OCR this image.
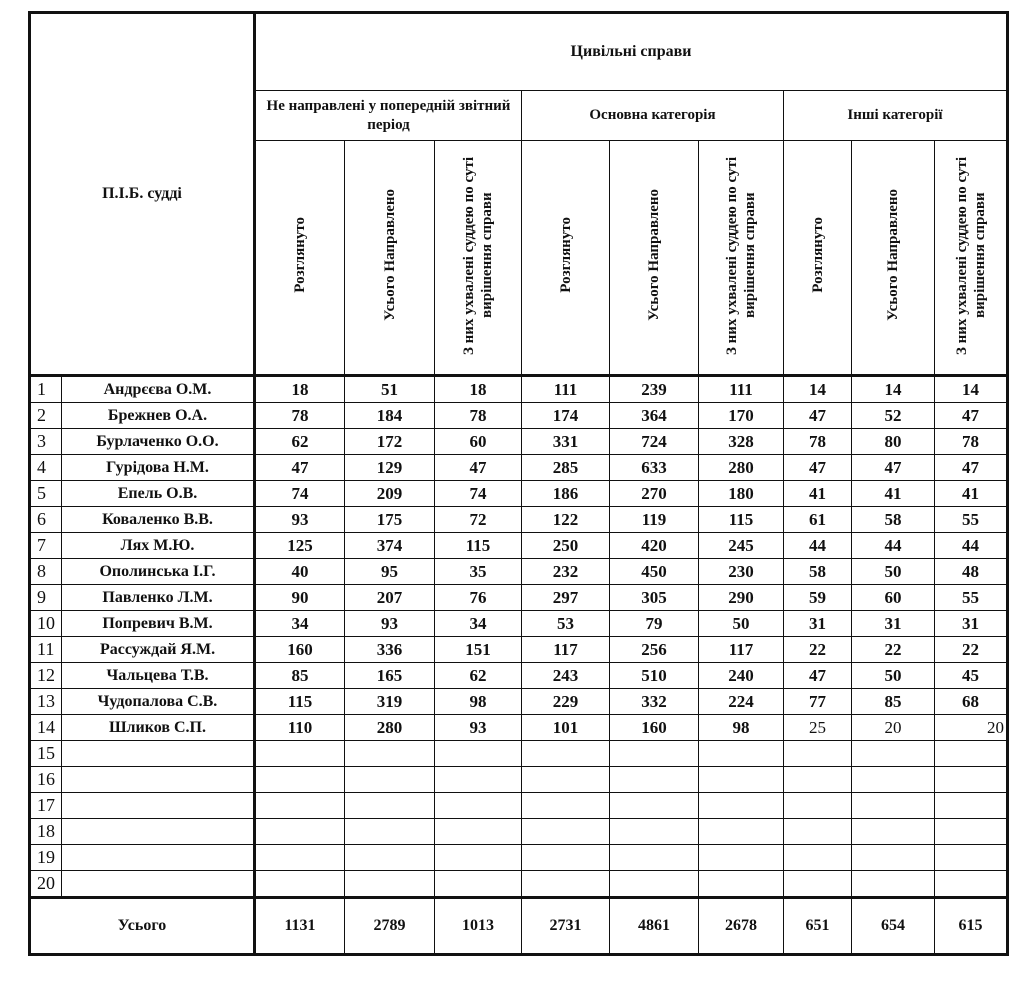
П.І.Б. судді		Цивільні справи								
		Не направлені у попередній звітний період			Основна категорія			Інші категорії		
		Розглянуто	Усього Направлено	З них ухвалені суддею по суті вирішення справи	Розглянуто	Усього Направлено	З них ухвалені суддею по суті вирішення справи	Розглянуто	Усього Направлено	З них ухвалені суддею по суті вирішення справи
1	Андрєєва О.М.	18	51	18	111	239	111	14	14	14
2	Брежнев О.А.	78	184	78	174	364	170	47	52	47
3	Бурлаченко О.О.	62	172	60	331	724	328	78	80	78
4	Гурідова Н.М.	47	129	47	285	633	280	47	47	47
5	Епель О.В.	74	209	74	186	270	180	41	41	41
6	Коваленко В.В.	93	175	72	122	119	115	61	58	55
7	Лях М.Ю.	125	374	115	250	420	245	44	44	44
8	Ополинська І.Г.	40	95	35	232	450	230	58	50	48
9	Павленко Л.М.	90	207	76	297	305	290	59	60	55
10	Попревич В.М.	34	93	34	53	79	50	31	31	31
11	Рассуждай Я.М.	160	336	151	117	256	117	22	22	22
12	Чальцева Т.В.	85	165	62	243	510	240	47	50	45
13	Чудопалова С.В.	115	319	98	229	332	224	77	85	68
14	Шликов С.П.	110	280	93	101	160	98	25	20	20
15										
16										
17										
18										
19										
20										
Усього		1131	2789	1013	2731	4861	2678	651	654	615
